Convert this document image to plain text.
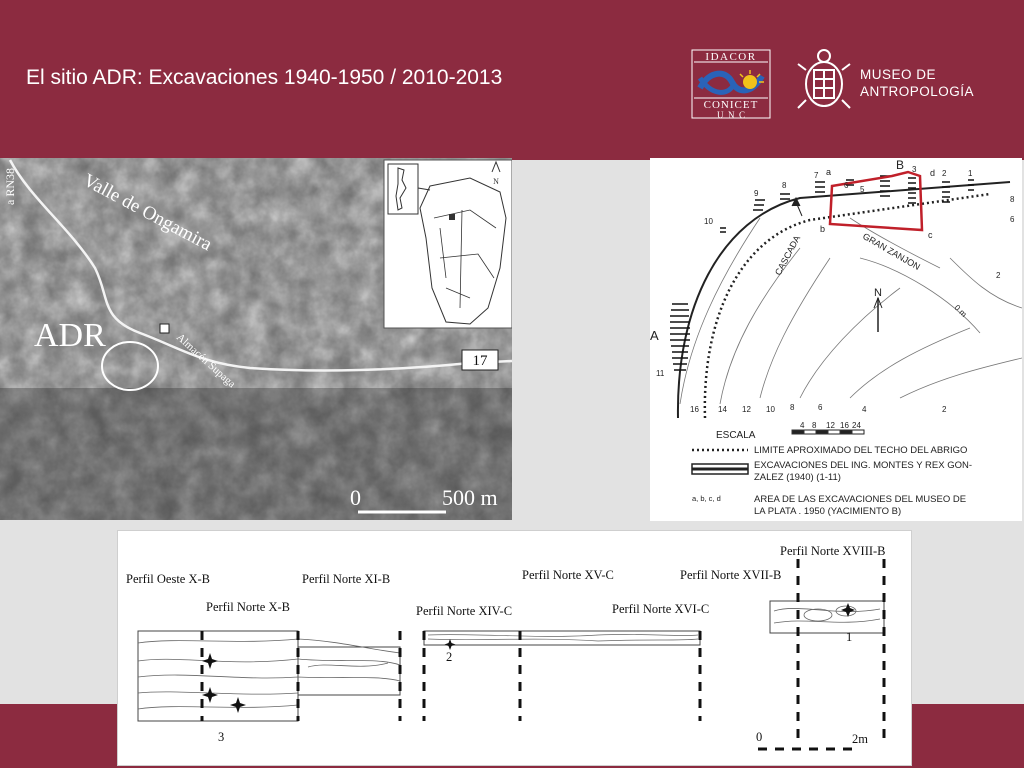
El sitio ADR: Excavaciones 1940-1950 / 2010-2013
IDACOR
CONICET
U  N  C
MUSEO DE
ANTROPOLOGÍA
a RN38	Valle de Ongamira
ADR	Almacén Supaga	17
0	500 m
N
A
B
a
b
c
d	1
2
3
5
6
7
8
9
10
11
16 14 12 10 8	6	4	2
2
0 m
8
6
CASCADA	GRAN ZANJON
N
ESCALA
4 8 12 16 24
LIMITE APROXIMADO DEL TECHO DEL ABRIGO
EXCAVACIONES DEL ING. MONTES Y REX GON-
ZALEZ (1940) (1-11)
a, b, c, d	AREA DE LAS EXCAVACIONES DEL MUSEO DE
LA PLATA . 1950 (YACIMIENTO B)
Perfil Oeste X-B
Perfil Norte X-B
Perfil Norte XI-B
Perfil Norte XIV-C
Perfil Norte XV-C
Perfil Norte XVI-C
Perfil Norte XVII-B
Perfil Norte XVIII-B
3
2
1
0	2m
